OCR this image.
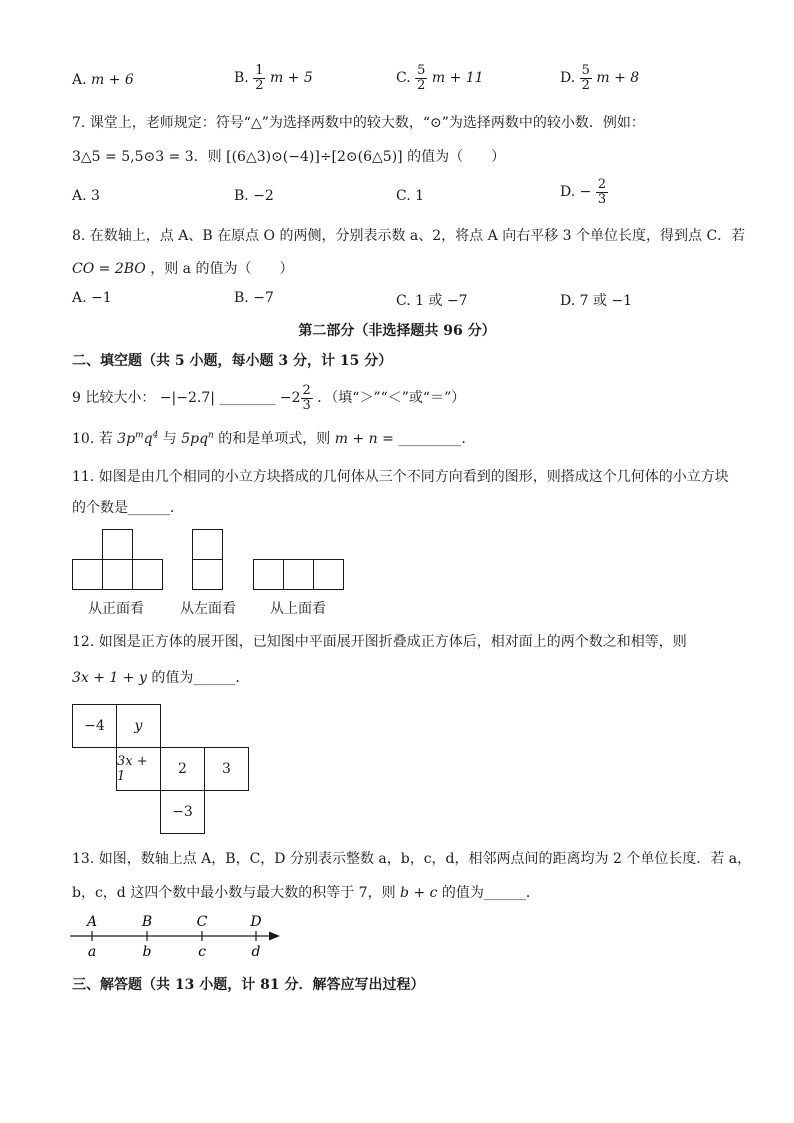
A. m + 6	B. $\frac{1}{2}$ m + 5	C. $\frac{5}{2}$ m + 11	D. $\frac{5}{2}$ m + 8
7. 课堂上，老师规定：符号“△”为选择两数中的较大数，“⊙”为选择两数中的较小数．例如：
3△5 = 5,5⊙3 = 3．则 [(6△3)⊙(−4)]÷[2⊙(6△5)] 的值为（　　）
A. 3	B. −2	C. 1	D. − $\frac{2}{3}$
8. 在数轴上，点 A、B 在原点 O 的两侧，分别表示数 a、2，将点 A 向右平移 3 个单位长度，得到点 C．若
CO = 2BO ，则 a 的值为（　　）
A. −1	B. −7	C. 1 或 −7	D. 7 或 −1
第二部分（非选择题共 96 分）
二、填空题（共 5 小题，每小题 3 分，计 15 分）
9 比较大小： −|−2.7| ________ $-2 \frac{2}{3}$ ．（填“＞”“＜”或“＝”）
10. 若 $3p^mq^4$ 与 $5pq^n$ 的和是单项式，则 m + n = _________.
11. 如图是由几个相同的小立方块搭成的几何体从三个不同方向看到的图形，则搭成这个几何体的小立方块
的个数是______．
从正面看	从左面看 从上面看
12. 如图是正方体的展开图，已知图中平面展开图折叠成正方体后，相对面上的两个数之和相等，则
3x + 1 + y 的值为______．
−4	y
3x + 1	2	3
−3
13. 如图，数轴上点 A，B，C，D 分别表示整数 a，b，c，d，相邻两点间的距离均为 2 个单位长度．若 a，
b，c，d 这四个数中最小数与最大数的积等于 7，则 b + c 的值为______．
A	B	C	D
a	b	c	d
三、解答题（共 13 小题，计 81 分．解答应写出过程）
